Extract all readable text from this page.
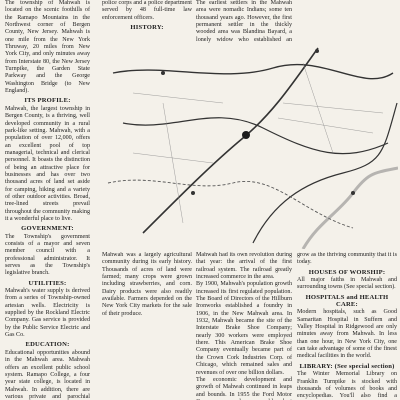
The township of Mahwah is located on the scenic foothills of the Ramapo Mountains in the Northwest corner of Bergen County, New Jersey. Mahwah is one mile from the New York Thruway, 20 miles from New York City, and only minutes away from Interstate 80, the New Jersey Turnpike, the Garden State Parkway and the George Washington Bridge (to New England).

ITS PROFILE:

Mahwah, the largest township in Bergen County, is a thriving, well developed community in a rural park-like setting. Mahwah, with a population of over 12,000, offers an excellent pool of top managerial, technical and clerical personnel. It boasts the distinction of being an attractive place for businesses and has over two thousand acres of land set aside for camping, hiking and a variety of other outdoor activities. Broad, tree-lined streets prevail throughout the community making it a wonderful place to live.

GOVERNMENT:

The Township's government consists of a mayor and seven member council with a professional administrator. It serves as the Township's legislative branch.

UTILITIES:

Mahwah's water supply is derived from a series of Township-owned artesian wells. Electricity is supplied by the Rockland Electric Company. Gas service is provided by the Public Service Electric and Gas Co.

EDUCATION:

Educational opportunities abound in the Mahwah area. Mahwah offers an excellent public school system. Ramapo College, a four year state college, is located in Mahwah. In addition, there are various private and parochial

police corps and a police department served by 48 full-time law enforcement officers.

HISTORY:

The earliest settlers in the Mahwah area were nomadic Indians; some ten thousand years ago. However, the first permanent settler in the thickly wooded area was Blandina Bayard, a lonely widow who established an

Mahwah was a largely agricultural community during its early history. Thousands of acres of land were farmed; many crops were grown including strawberries, and corn. Dairy products were also readily available. Farmers depended on the New York City markets for the sale of their produce.

Mahwah had its own revolution during that year: the arrival of the first railroad system. The railroad greatly increased commerce in the area.

By 1900, Mahwah's population growth increased its first regulated population. The Board of Directors of the Hillburn Ironworks established a foundry in 1906, in the New Mahwah area. In 1932, Mahwah became the site of the Interstate Brake Shoe Company; nearly 300 workers were employed there. This American Brake Shoe Company eventually became part of the Crown Cork Industries Corp. of Chicago, which remained sales and revenues of over one billion dollars.

The economic development and growth of Mahwah continued in leaps and bounds. In 1955 the Ford Motor

grow as the thriving community that it is today.

HOUSES OF WORSHIP:

All major faiths in Mahwah and surrounding towns (See special section).

HOSPITALS and HEALTH CARE:

Modern hospitals, such as Good Samaritan Hospital in Suffern and Valley Hospital in Ridgewood are only minutes away from Mahwah. In less than one hour, in New York City, one can take advantage of some of the finest medical facilities in the world.

LIBRARY: (See special section)

The Winter Memorial Library on Franklin Turnpike is stocked with thousands of volumes of books and encyclopedias. You'll also find a
